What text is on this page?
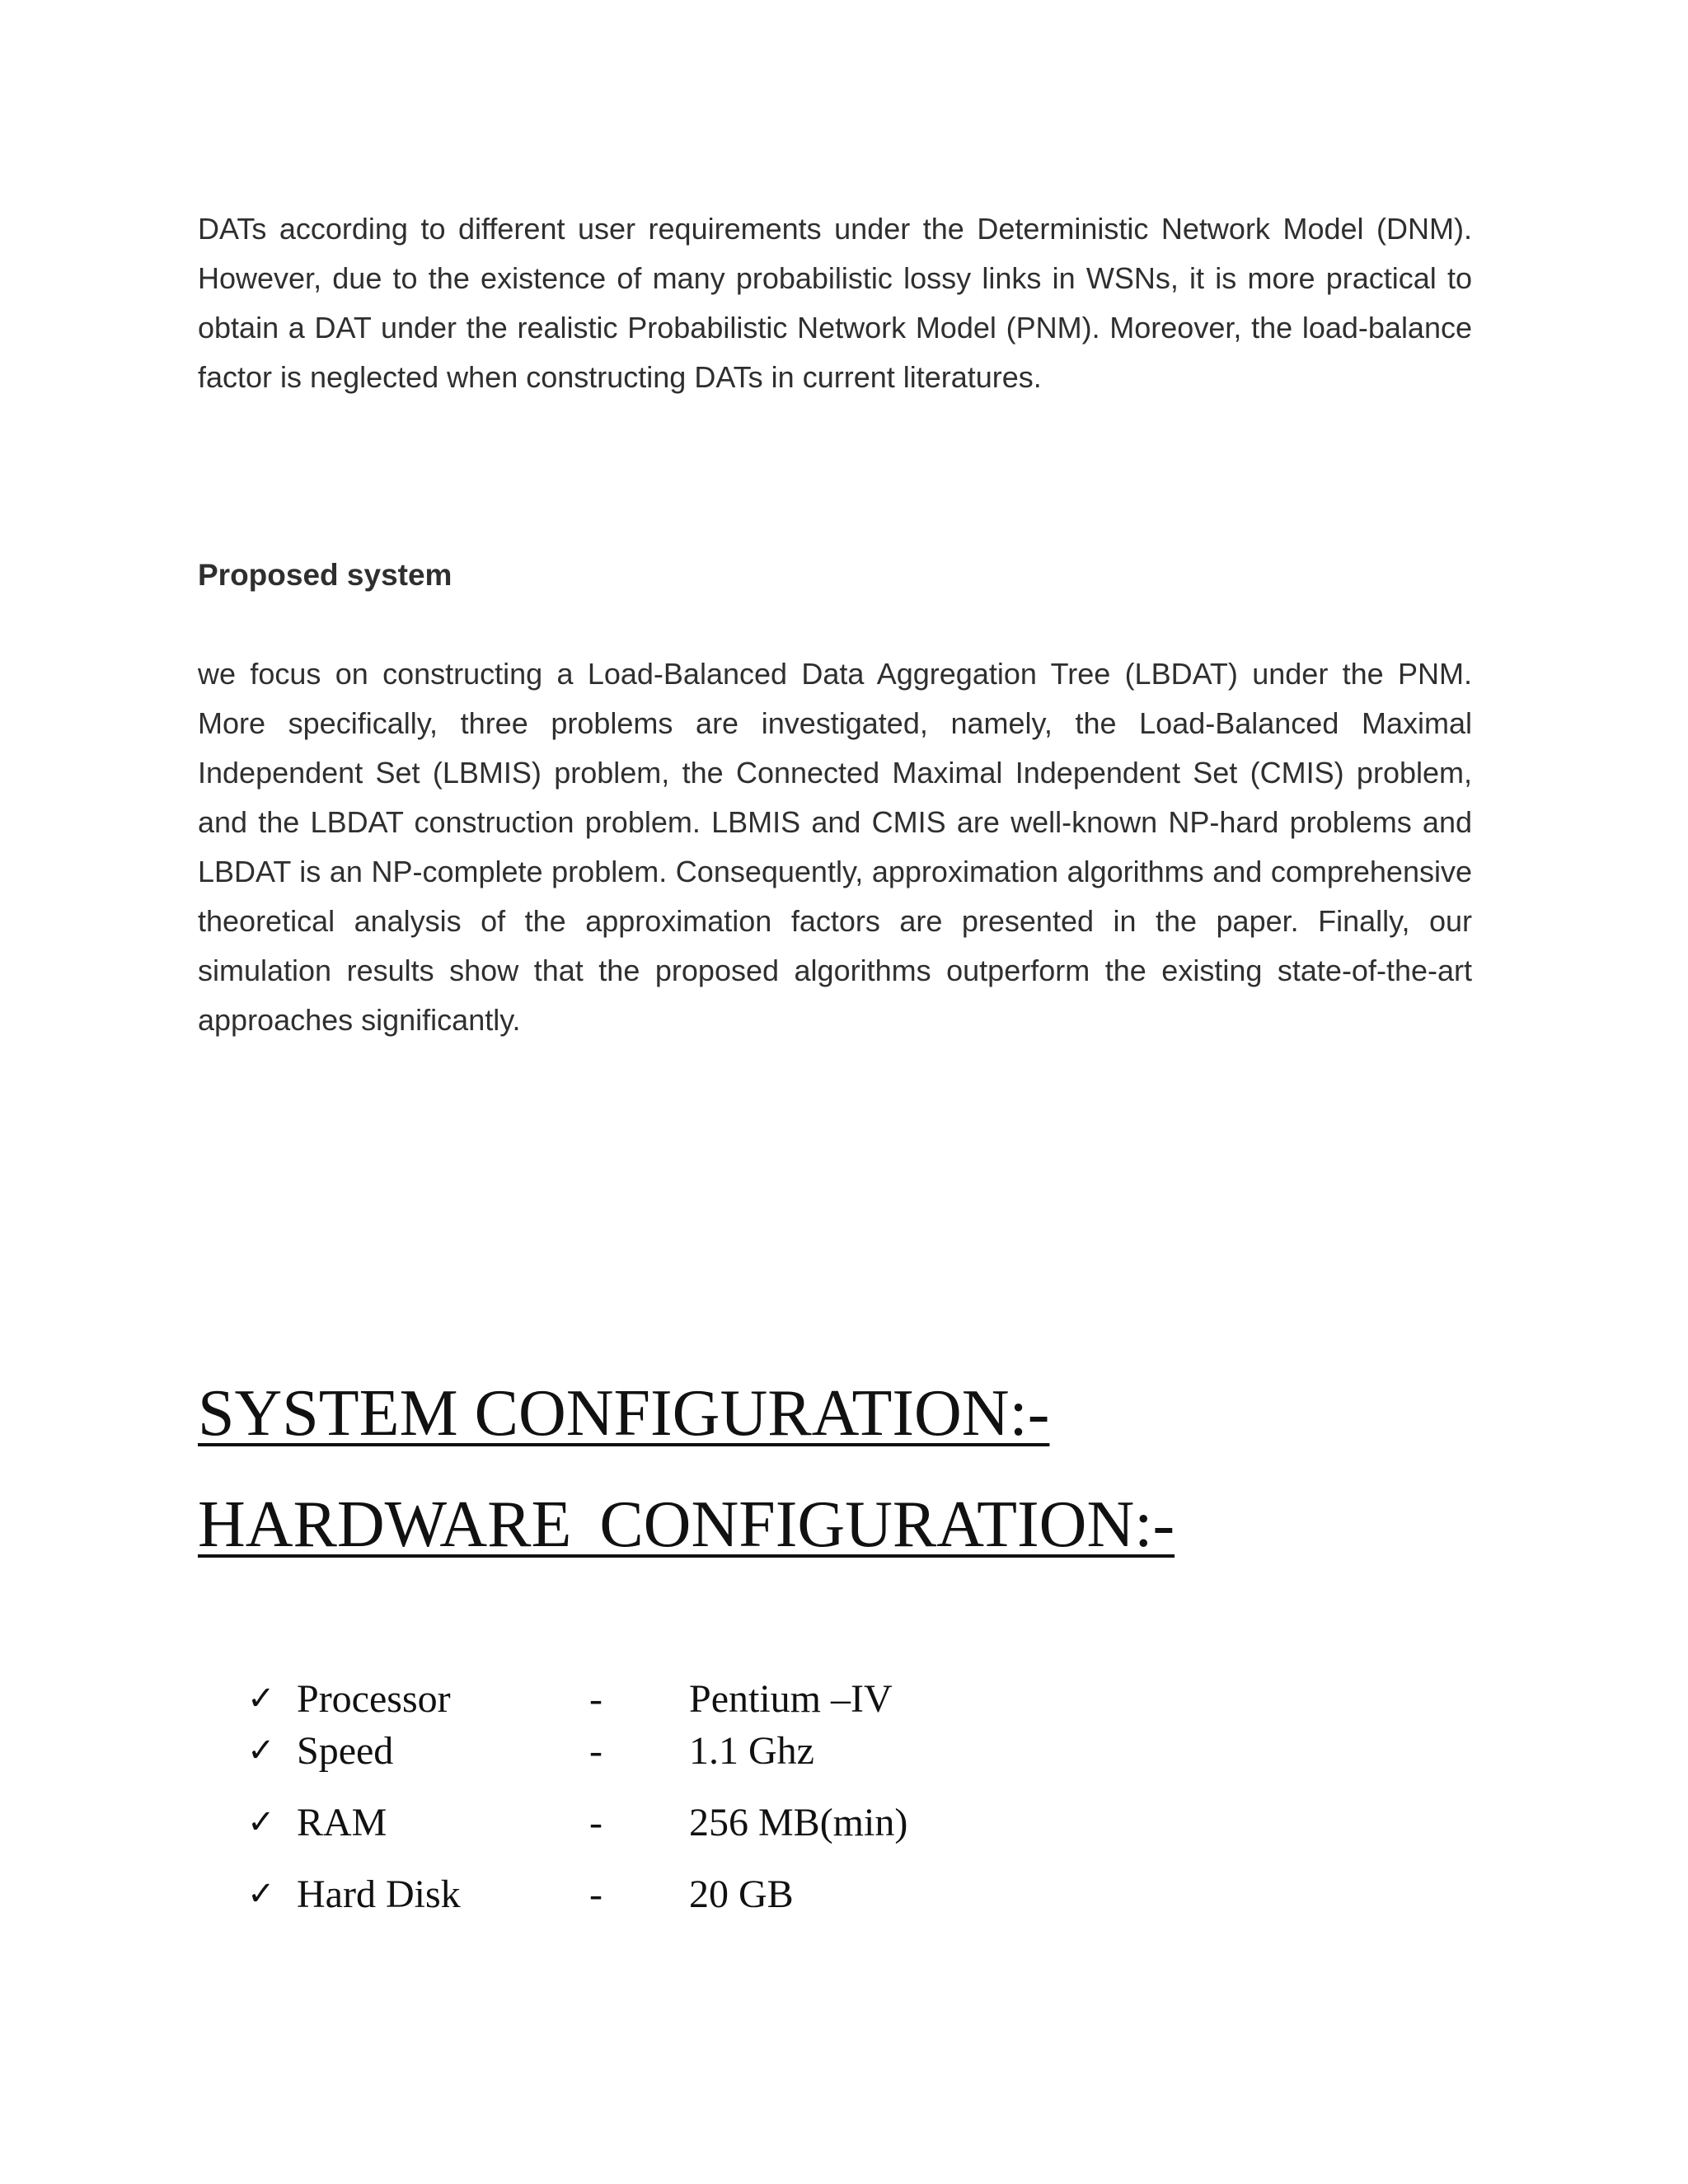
DATs according to different user requirements under the Deterministic Network Model (DNM). However, due to the existence of many probabilistic lossy links in WSNs, it is more practical to obtain a DAT under the realistic Probabilistic Network Model (PNM). Moreover, the load-balance factor is neglected when constructing DATs in current literatures.

Proposed system

we focus on constructing a Load-Balanced Data Aggregation Tree (LBDAT) under the PNM. More specifically, three problems are investigated, namely, the Load-Balanced Maximal Independent Set (LBMIS) problem, the Connected Maximal Independent Set (CMIS) problem, and the LBDAT construction problem. LBMIS and CMIS are well-known NP-hard problems and LBDAT is an NP-complete problem. Consequently, approximation algorithms and comprehensive theoretical analysis of the approximation factors are presented in the paper. Finally, our simulation results show that the proposed algorithms outperform the existing state-of-the-art approaches significantly.

SYSTEM CONFIGURATION:-
HARDWARE CONFIGURATION:-
✓ Processor	- Pentium –IV
✓ Speed	- 1.1 Ghz
✓ RAM	- 256 MB(min)
✓ Hard Disk	- 20 GB
